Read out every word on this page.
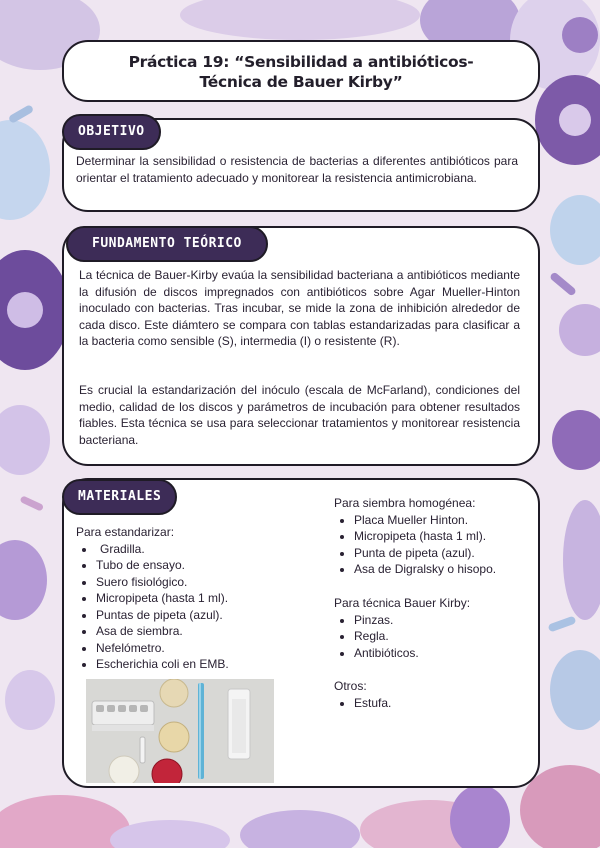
Práctica 19: “Sensibilidad a antibióticos-
Técnica de Bauer Kirby”
OBJETIVO

Determinar la sensibilidad o resistencia de bacterias a diferentes antibióticos para orientar el tratamiento adecuado y monitorear la resistencia antimicrobiana.

FUNDAMENTO TEÓRICO

La técnica de Bauer-Kirby evaúa la sensibilidad bacteriana a antibióticos mediante la difusión de discos impregnados con antibióticos sobre Agar Mueller-Hinton inoculado con bacterias. Tras incubar, se mide la zona de inhibición alrededor de cada disco. Este diámtero se compara con tablas estandarizadas para clasificar a la bacteria como sensible (S), intermedia (I) o resistente (R).

Es crucial la estandarización del inóculo (escala de McFarland), condiciones del medio, calidad de los discos y parámetros de incubación para obtener resultados fiables. Esta técnica se usa para seleccionar tratamientos y monitorear resistencia bacteriana.

MATERIALES

Para estandarizar:

• Gradilla.
• Tubo de ensayo.
• Suero fisiológico.
• Micropipeta (hasta 1 ml).
• Puntas de pipeta (azul).
• Asa de siembra.
• Nefelómetro.
• Escherichia coli en EMB.

Para siembra homogénea:

• Placa Mueller Hinton.
• Micropipeta (hasta 1 ml).
• Punta de pipeta (azul).
• Asa de Digralsky o hisopo.

Para técnica Bauer Kirby:

• Pinzas.
• Regla.
• Antibióticos.

Otros:

• Estufa.
